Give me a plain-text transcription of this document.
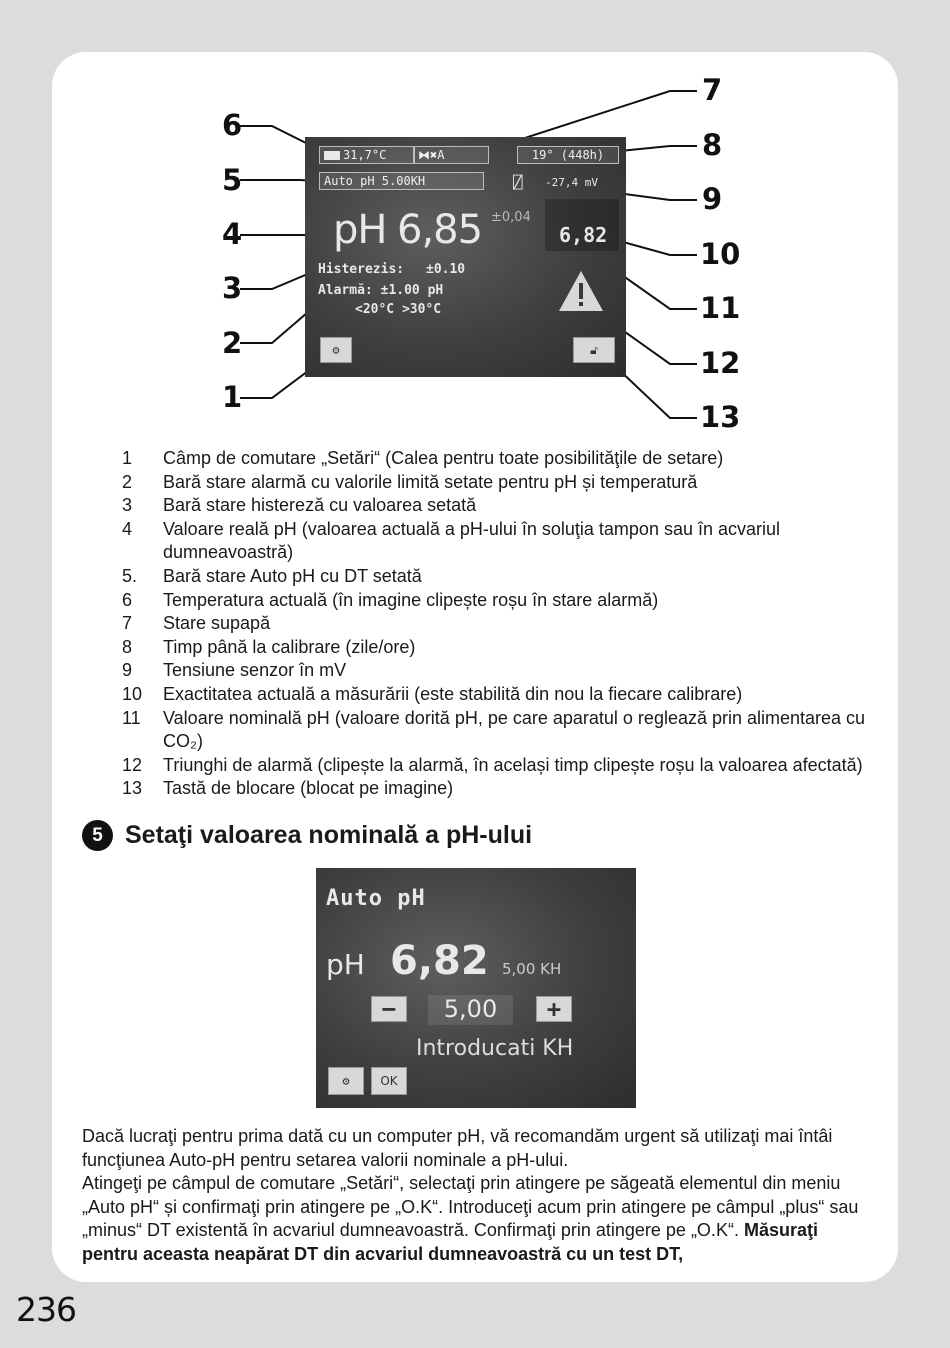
6
5
4
3
2
1
7
8
9
10
11
12
13
31,7°C	⧓✖A	19° (448h)
Auto pH 5.00KH	⍁ -27,4 mV
pH 6,85 ±0,04
6,82
Histerezis: ±0.10
Alarmă: ±1.00 pH
<20°C >30°C
⚙	🔓︎
1	Câmp de comutare „Setări“ (Calea pentru toate posibilităţile de setare)
2	Bară stare alarmă cu valorile limită setate pentru pH și temperatură
3	Bară stare histereză cu valoarea setată
4	Valoare reală pH (valoarea actuală a pH-ului în soluţia tampon sau în acvariul dumneavoastră)
5.	Bară stare Auto pH cu DT setată
6	Temperatura actuală (în imagine clipește roșu în stare alarmă)
7	Stare supapă
8	Timp până la calibrare (zile/ore)
9	Tensiune senzor în mV
10	Exactitatea actuală a măsurării (este stabilită din nou la fiecare calibrare)
11	Valoare nominală pH (valoare dorită pH, pe care aparatul o reglează prin alimentarea cu CO₂)
12	Triunghi de alarmă (clipește la alarmă, în același timp clipește roșu la valoarea afectată)
13	Tastă de blocare (blocat pe imagine)
5 Setaţi valoarea nominală a pH-ului
Auto pH
pH 6,82 5,00 KH
−	5,00	+
Introducati KH
⚙	OK

Dacă lucraţi pentru prima dată cu un computer pH, vă recomandăm urgent să utilizaţi mai întâi funcţiunea Auto-pH pentru setarea valorii nominale a pH-ului.

Atingeţi pe câmpul de comutare „Setări“, selectaţi prin atingere pe săgeată elementul din meniu „Auto pH“ și confirmaţi prin atingere pe „O.K“. Introduceţi acum prin atingere pe câmpul „plus“ sau „minus“ DT existentă în acvariul dumneavoastră. Confirmaţi prin atingere pe „O.K“. Măsuraţi pentru aceasta neapărat DT din acvariul dumneavoastră cu un test DT,

236
